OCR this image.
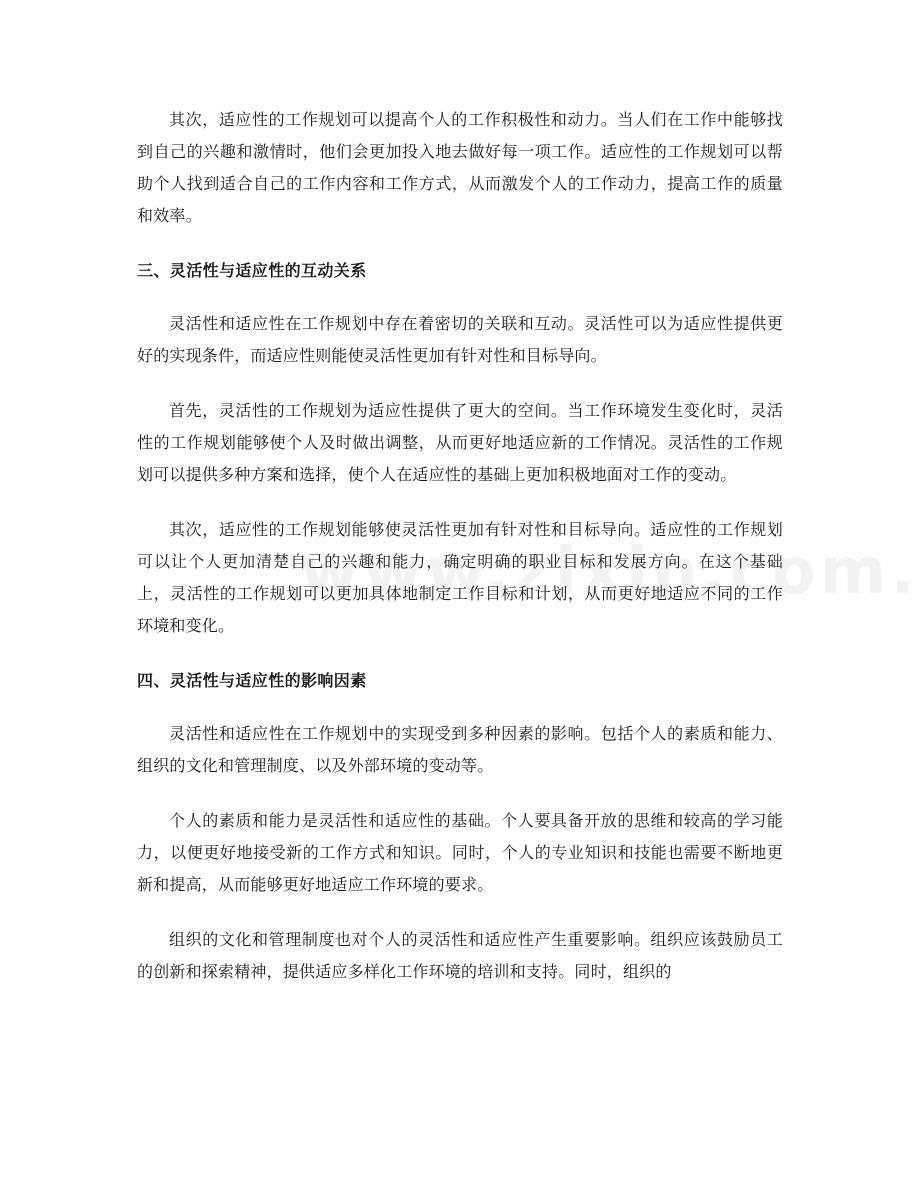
其次，适应性的工作规划可以提高个人的工作积极性和动力。当人们在工作中能够找到自己的兴趣和激情时，他们会更加投入地去做好每一项工作。适应性的工作规划可以帮助个人找到适合自己的工作内容和工作方式，从而激发个人的工作动力，提高工作的质量和效率。

三、灵活性与适应性的互动关系

灵活性和适应性在工作规划中存在着密切的关联和互动。灵活性可以为适应性提供更好的实现条件，而适应性则能使灵活性更加有针对性和目标导向。

首先，灵活性的工作规划为适应性提供了更大的空间。当工作环境发生变化时，灵活性的工作规划能够使个人及时做出调整，从而更好地适应新的工作情况。灵活性的工作规划可以提供多种方案和选择，使个人在适应性的基础上更加积极地面对工作的变动。

其次，适应性的工作规划能够使灵活性更加有针对性和目标导向。适应性的工作规划可以让个人更加清楚自己的兴趣和能力，确定明确的职业目标和发展方向。在这个基础上，灵活性的工作规划可以更加具体地制定工作目标和计划，从而更好地适应不同的工作环境和变化。

四、灵活性与适应性的影响因素

灵活性和适应性在工作规划中的实现受到多种因素的影响。包括个人的素质和能力、组织的文化和管理制度、以及外部环境的变动等。

个人的素质和能力是灵活性和适应性的基础。个人要具备开放的思维和较高的学习能力，以便更好地接受新的工作方式和知识。同时，个人的专业知识和技能也需要不断地更新和提高，从而能够更好地适应工作环境的要求。

组织的文化和管理制度也对个人的灵活性和适应性产生重要影响。组织应该鼓励员工的创新和探索精神，提供适应多样化工作环境的培训和支持。同时，组织的
